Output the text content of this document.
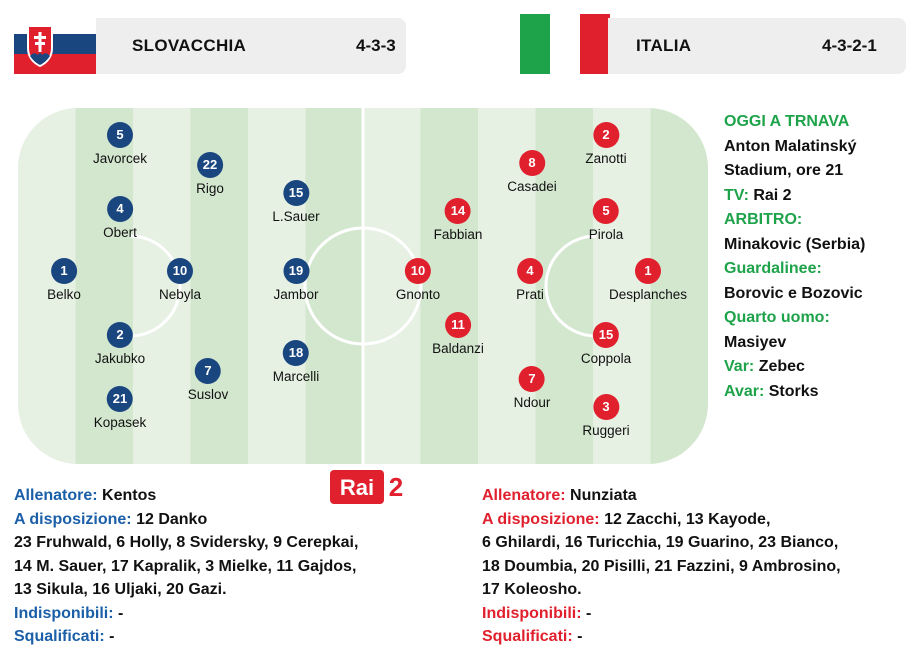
SLOVACCHIA	4-3-3	ITALIA	4-3-2-1
5
Javorcek	22
Rigo	15
L.Sauer
4
Obert
1
Belko
10
Nebyla
19
Jambor
2
Jakubko	18
Marcelli
7
Suslov
21
Kopasek
2
Zanotti
8
Casadei
14
Fabbian
5
Pirola
10
Gnonto
4
Prati
1
Desplanches
11
Baldanzi
15
Coppola
7
Ndour	3
Ruggeri
OGGI A TRNAVA
Anton Malatinský
Stadium, ore 21
TV: Rai 2
ARBITRO:
Minakovic (Serbia)
Guardalinee:
Borovic e Bozovic
Quarto uomo:
Masiyev
Var: Zebec
Avar: Storks
Rai 2
Allenatore: Kentos
A disposizione: 12 Danko
23 Fruhwald, 6 Holly, 8 Svidersky, 9 Cerepkai,
14 M. Sauer, 17 Kapralik, 3 Mielke, 11 Gajdos,
13 Sikula, 16 Uljaki, 20 Gazi.
Indisponibili: -
Squalificati: -
Allenatore: Nunziata
A disposizione: 12 Zacchi, 13 Kayode,
6 Ghilardi, 16 Turicchia, 19 Guarino, 23 Bianco,
18 Doumbia, 20 Pisilli, 21 Fazzini, 9 Ambrosino,
17 Koleosho.
Indisponibili: -
Squalificati: -
